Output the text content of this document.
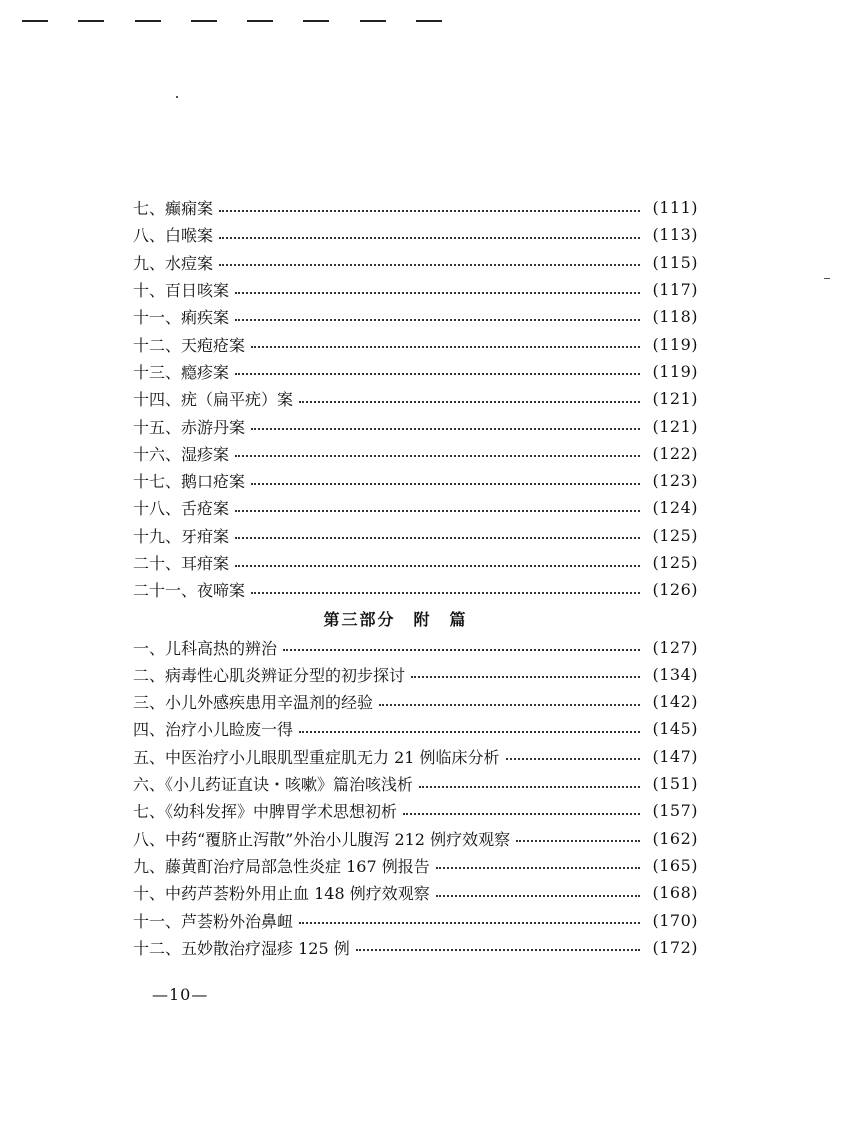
七、癫痫案	(111)
八、白喉案	(113)
九、水痘案	(115)
十、百日咳案	(117)
十一、痢疾案	(118)
十二、天疱疮案	(119)
十三、瘾疹案	(119)
十四、疣（扁平疣）案	(121)
十五、赤游丹案	(121)
十六、湿疹案	(122)
十七、鹅口疮案	(123)
十八、舌疮案	(124)
十九、牙疳案	(125)
二十、耳疳案	(125)
二十一、夜啼案	(126)
第三部分　附　篇
一、儿科高热的辨治	(127)
二、病毒性心肌炎辨证分型的初步探讨	(134)
三、小儿外感疾患用辛温剂的经验	(142)
四、治疗小儿睑废一得	(145)
五、中医治疗小儿眼肌型重症肌无力 21 例临床分析	(147)
六、《小儿药证直诀・咳嗽》篇治咳浅析	(151)
七、《幼科发挥》中脾胃学术思想初析	(157)
八、中药“覆脐止泻散”外治小儿腹泻 212 例疗效观察	(162)
九、藤黄酊治疗局部急性炎症 167 例报告	(165)
十、中药芦荟粉外用止血 148 例疗效观察	(168)
十一、芦荟粉外治鼻衄	(170)
十二、五妙散治疗湿疹 125 例	(172)
—10—
